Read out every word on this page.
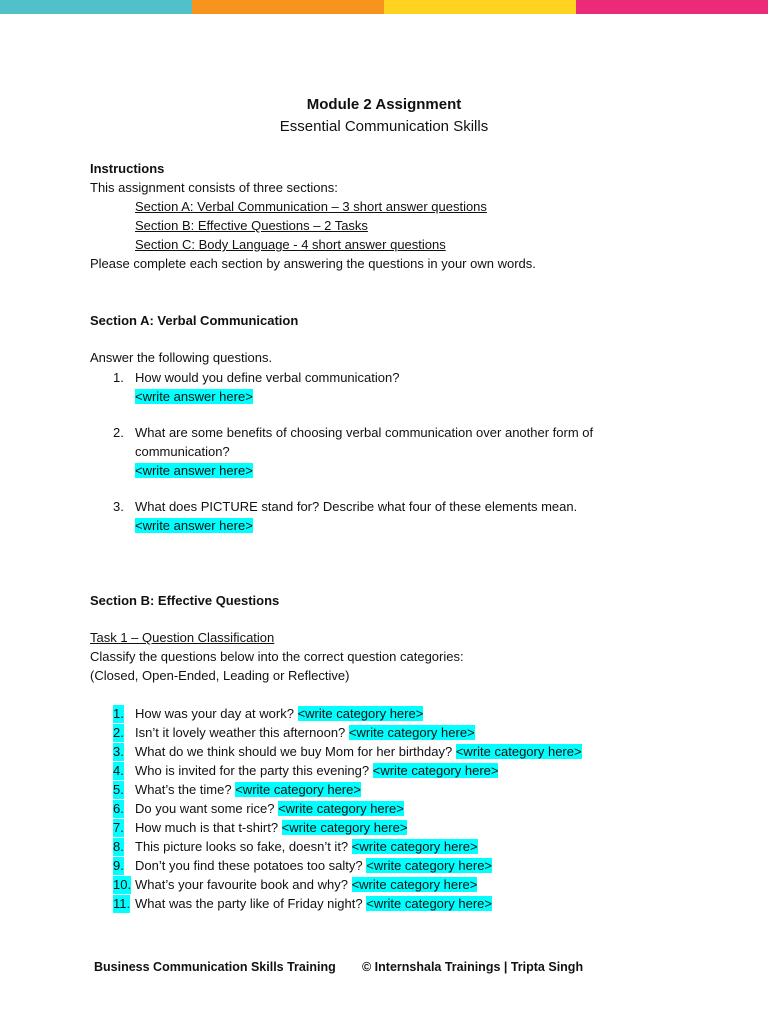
Module 2 Assignment
Essential Communication Skills
Instructions
This assignment consists of three sections:
Section A: Verbal Communication – 3 short answer questions
Section B: Effective Questions – 2 Tasks
Section C: Body Language - 4 short answer questions
Please complete each section by answering the questions in your own words.
Section A: Verbal Communication
Answer the following questions.
1. How would you define verbal communication?
<write answer here>
2. What are some benefits of choosing verbal communication over another form of
communication?
<write answer here>
3. What does PICTURE stand for? Describe what four of these elements mean.
<write answer here>
Section B: Effective Questions
Task 1 – Question Classification
Classify the questions below into the correct question categories:
(Closed, Open-Ended, Leading or Reflective)
1. How was your day at work? <write category here>
2. Isn’t it lovely weather this afternoon? <write category here>
3. What do we think should we buy Mom for her birthday? <write category here>
4. Who is invited for the party this evening? <write category here>
5. What’s the time? <write category here>
6. Do you want some rice? <write category here>
7. How much is that t-shirt? <write category here>
8. This picture looks so fake, doesn’t it? <write category here>
9. Don’t you find these potatoes too salty? <write category here>
10. What’s your favourite book and why? <write category here>
11. What was the party like of Friday night? <write category here>
Business Communication Skills Training © Internshala Trainings | Tripta Singh
